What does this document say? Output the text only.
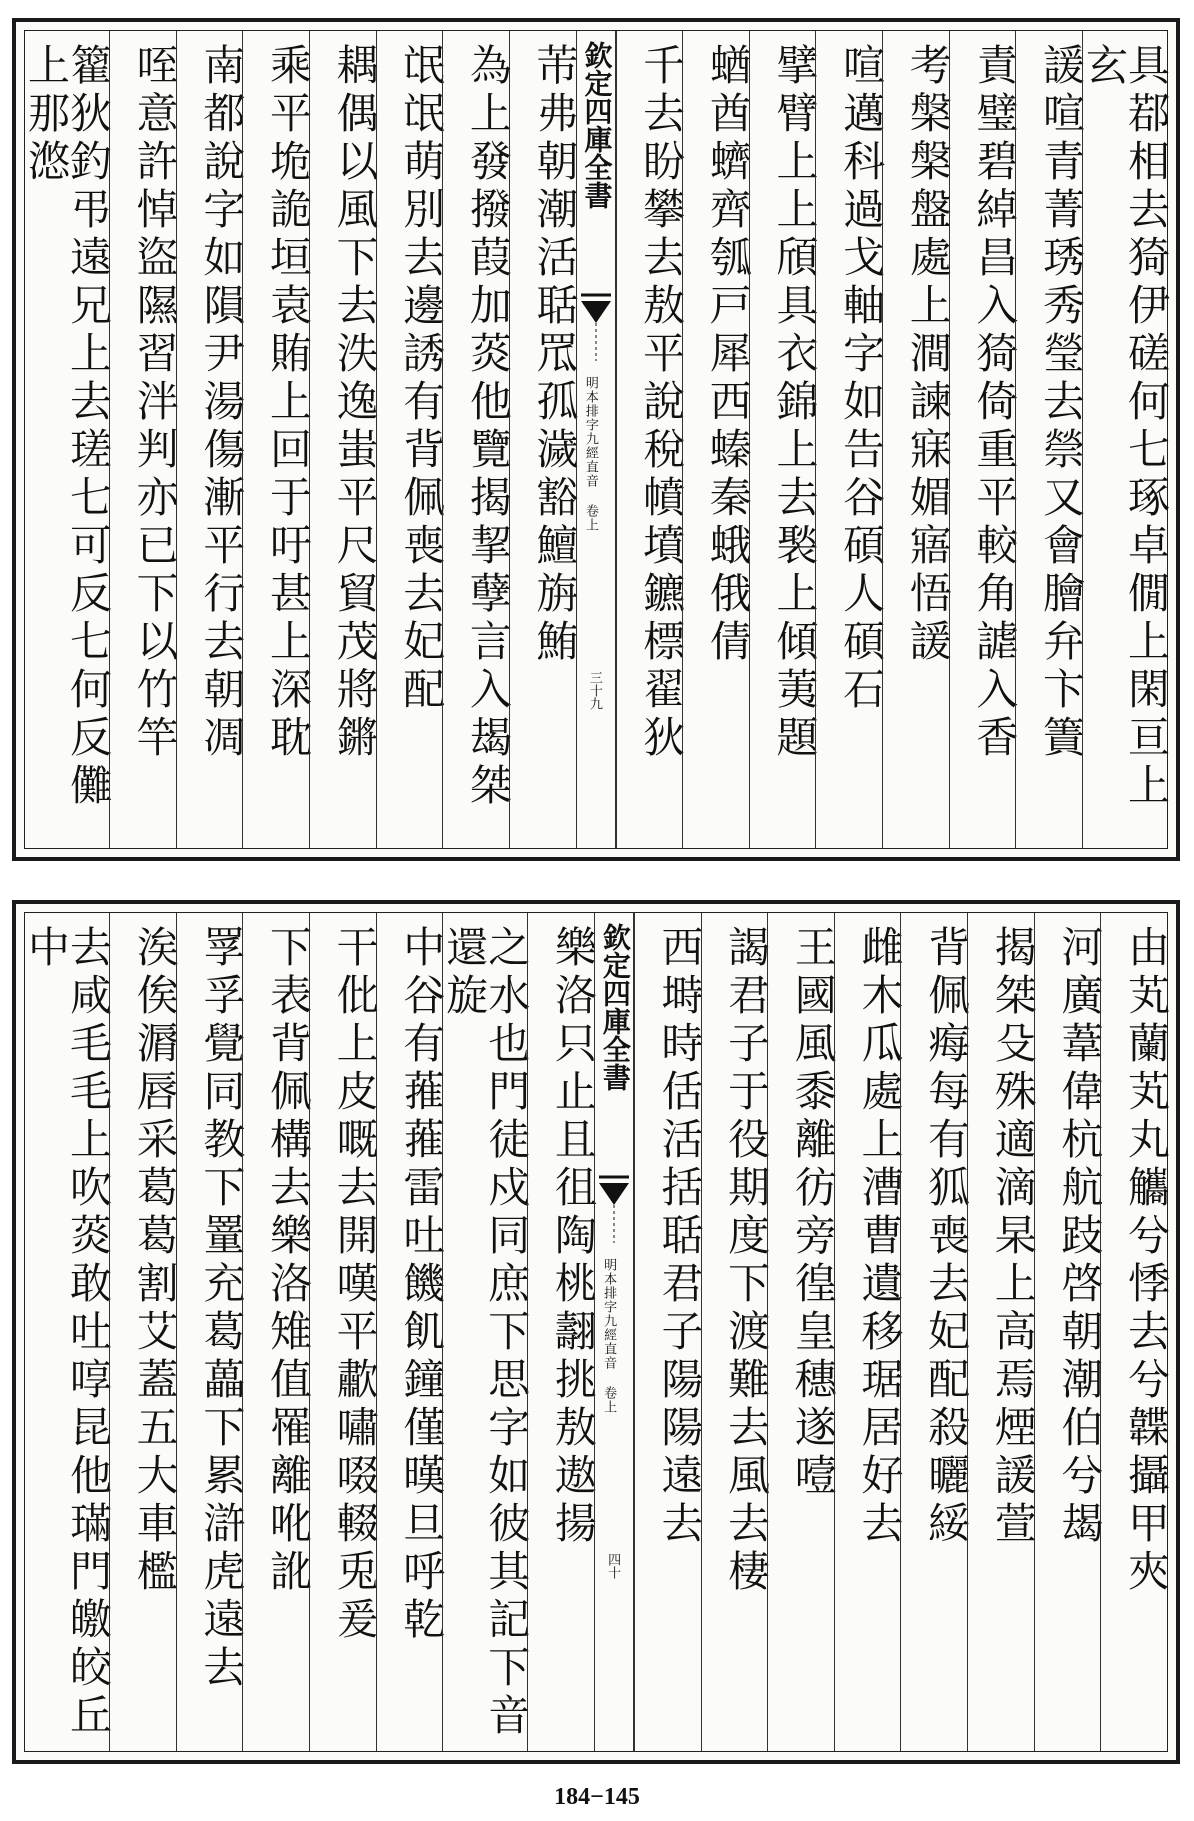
具鄀相去猗伊磋何七琢卓僩上閑亘上玄
諼喧青菁琇秀瑩去禜又會膾弁卞簀
責璧碧綽昌入猗倚重平較角謔入香
考槃槃盤處上澗諫寐媚寤悟諼
喧邁科過戈軸字如告谷碩人碩石
擘臂上上頎具衣錦上去褧上傾荑題
蝤酋蠐齊瓠戸犀西螓秦蛾俄倩
千去盼攀去敖平說稅幩墳鑣標翟狄
欽定四庫全書
明本排字九經直音 卷上
三十九
芾弗朝潮活聒罛孤濊豁鱣旃鮪
為上發撥葭加菼他覽揭挈孽言入朅桀
氓氓萌別去邊誘有背佩喪去妃配
耦偶以風下去泆逸蚩平尺貿茂將鏘
乘平垝詭垣袁賄上回于吁甚上深耽
南都說字如隕尹湯傷漸平行去朝凋
咥意許悼盜隰習泮判亦已下以竹竿
籊狄釣弔遠兄上去瑳七可反七何反儺上那滺
由芄蘭芄丸觿兮悸去兮韘攝甲夾
河廣葦偉杭航跂啓朝潮伯兮朅
揭桀殳殊適滴杲上高焉煙諼萱
背佩痗每有狐喪去妃配殺曬綏
雌木瓜處上漕曹遺移琚居好去
王國風黍離彷旁徨皇穗遂噎
謁君子于役期度下渡難去風去棲
西塒時佸活括聒君子陽陽遠去
欽定四庫全書
明本排字九經直音 卷上
四十
樂洛只止且徂陶桃翿挑敖遨揚
之水也門徒戍同庶下思字如彼其記下音還旋
中谷有蓷蓷雷吐饑飢鐘僅暵旦呼乾
干仳上皮嘅去開嘆平歗嘯啜輟兎爰
下表背佩構去樂洛雉值罹離吪訛
罦孚覺同教下罿充葛藟下累滸虎遠去
涘俟漘唇采葛葛割艾蓋五大車檻
去咸毛毛上吹菼敢吐啍昆他璊門皦皎丘中
184−145
